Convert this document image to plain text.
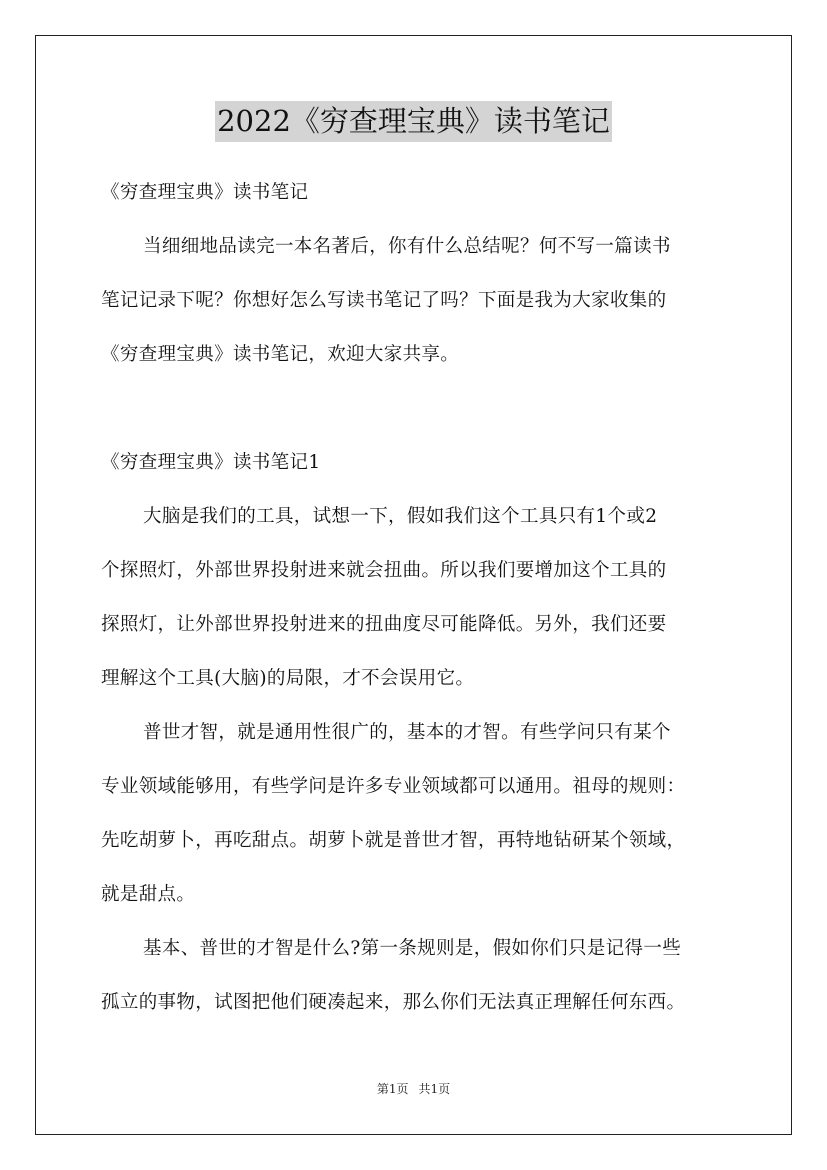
2022《穷查理宝典》读书笔记
《穷查理宝典》读书笔记
当细细地品读完一本名著后，你有什么总结呢？何不写一篇读书
笔记记录下呢？你想好怎么写读书笔记了吗？下面是我为大家收集的
《穷查理宝典》读书笔记，欢迎大家共享。
《穷查理宝典》读书笔记1
大脑是我们的工具，试想一下，假如我们这个工具只有1个或2
个探照灯，外部世界投射进来就会扭曲。所以我们要增加这个工具的
探照灯，让外部世界投射进来的扭曲度尽可能降低。另外，我们还要
理解这个工具(大脑)的局限，才不会误用它。
普世才智，就是通用性很广的，基本的才智。有些学问只有某个
专业领域能够用，有些学问是许多专业领域都可以通用。祖母的规则：
先吃胡萝卜，再吃甜点。胡萝卜就是普世才智，再特地钻研某个领域，
就是甜点。
基本、普世的才智是什么?第一条规则是，假如你们只是记得一些
孤立的事物，试图把他们硬凑起来，那么你们无法真正理解任何东西。
第1页 共1页
